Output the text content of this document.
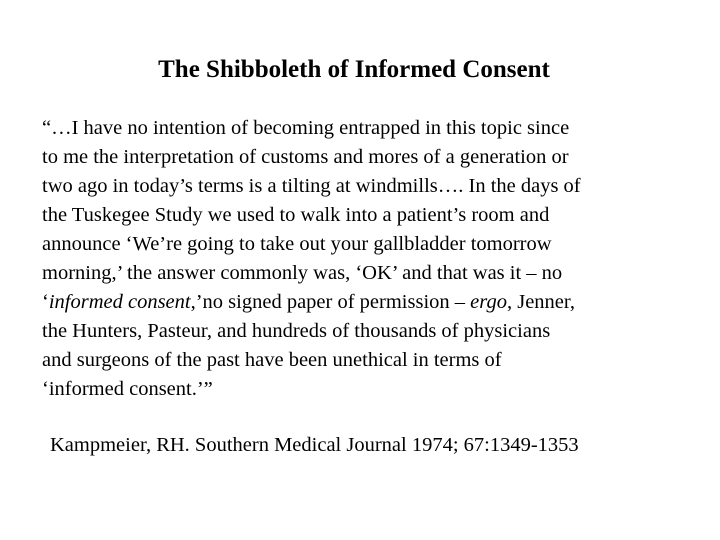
The Shibboleth of Informed Consent
“…I have no intention of becoming entrapped in this topic since
to me the interpretation of customs and mores of a generation or
two ago in today’s terms is a tilting at windmills…. In the days of
the Tuskegee Study we used to walk into a patient’s room and
announce ‘We’re going to take out your gallbladder tomorrow
morning,’ the answer commonly was, ‘OK’ and that was it – no
‘informed consent,’no signed paper of permission – ergo, Jenner,
the Hunters, Pasteur, and hundreds of thousands of physicians
and surgeons of the past have been unethical in terms of
‘informed consent.’”
Kampmeier, RH. Southern Medical Journal 1974; 67:1349-1353
